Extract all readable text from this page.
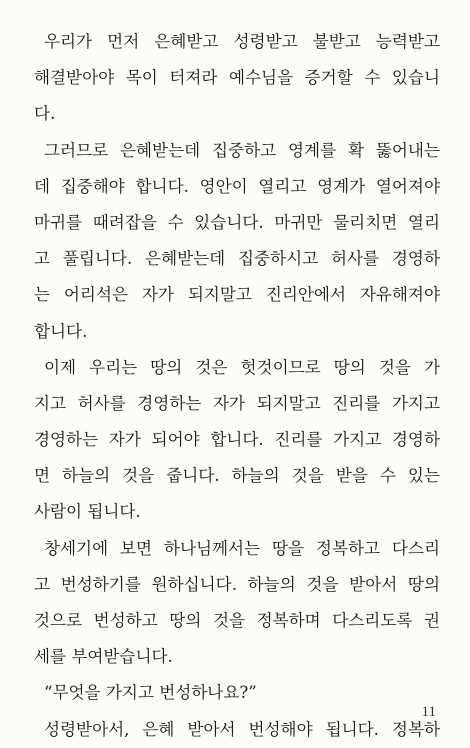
우리가 먼저 은혜받고 성령받고 불받고 능력받고
해결받아야 목이 터져라 예수님을 증거할 수 있습니
다.
그러므로 은혜받는데 집중하고 영계를 확 뚫어내는
데 집중해야 합니다. 영안이 열리고 영계가 열어져야
마귀를 때려잡을 수 있습니다. 마귀만 물리치면 열리
고 풀립니다. 은혜받는데 집중하시고 허사를 경영하
는 어리석은 자가 되지말고 진리안에서 자유해져야
합니다.
이제 우리는 땅의 것은 헛것이므로 땅의 것을 가
지고 허사를 경영하는 자가 되지말고 진리를 가지고
경영하는 자가 되어야 합니다. 진리를 가지고 경영하
면 하늘의 것을 줍니다. 하늘의 것을 받을 수 있는
사람이 됩니다.
창세기에 보면 하나님께서는 땅을 정복하고 다스리
고 번성하기를 원하십니다. 하늘의 것을 받아서 땅의
것으로 번성하고 땅의 것을 정복하며 다스리도록 권
세를 부여받습니다.
“무엇을 가지고 번성하나요?”
성령받아서, 은혜 받아서 번성해야 됩니다. 정복하
11
